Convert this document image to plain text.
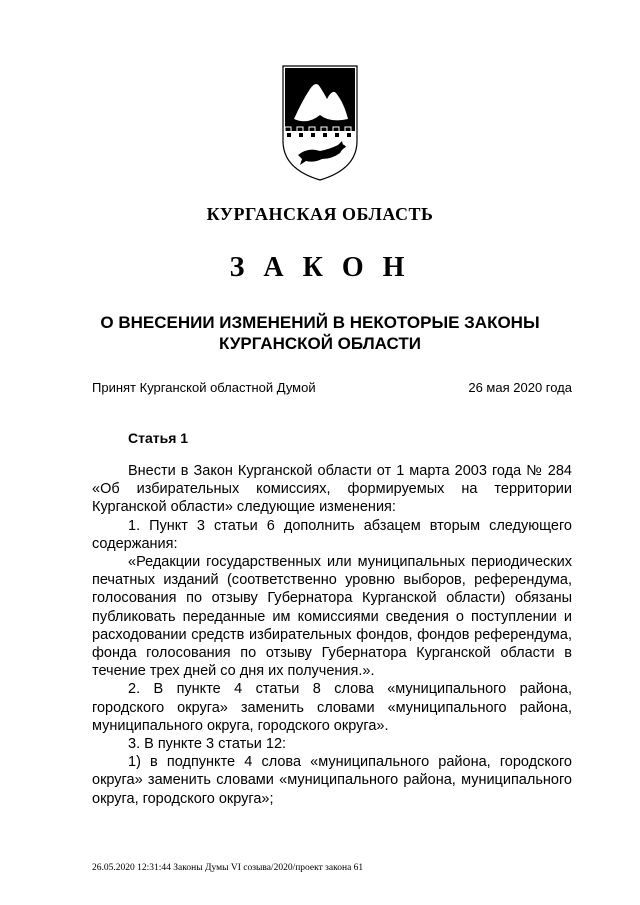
КУРГАНСКАЯ ОБЛАСТЬ
З А К О Н
О ВНЕСЕНИИ ИЗМЕНЕНИЙ В НЕКОТОРЫЕ ЗАКОНЫ
КУРГАНСКОЙ ОБЛАСТИ
Принят Курганской областной Думой	26 мая 2020 года
Статья 1

Внести в Закон Курганской области от 1 марта 2003 года № 284 «Об избирательных комиссиях, формируемых на территории Курганской области» следующие изменения:

1. Пункт 3 статьи 6 дополнить абзацем вторым следующего содержания:

«Редакции государственных или муниципальных периодических печатных изданий (соответственно уровню выборов, референдума, голосования по отзыву Губернатора Курганской области) обязаны публиковать переданные им комиссиями сведения о поступлении и расходовании средств избирательных фондов, фондов референдума, фонда голосования по отзыву Губернатора Курганской области в течение трех дней со дня их получения.».

2. В пункте 4 статьи 8 слова «муниципального района, городского округа» заменить словами «муниципального района, муниципального округа, городского округа».

3. В пункте 3 статьи 12:

1) в подпункте 4 слова «муниципального района, городского округа» заменить словами «муниципального района, муниципального округа, городского округа»;

26.05.2020 12:31:44 Законы Думы VI созыва/2020/проект закона 61
